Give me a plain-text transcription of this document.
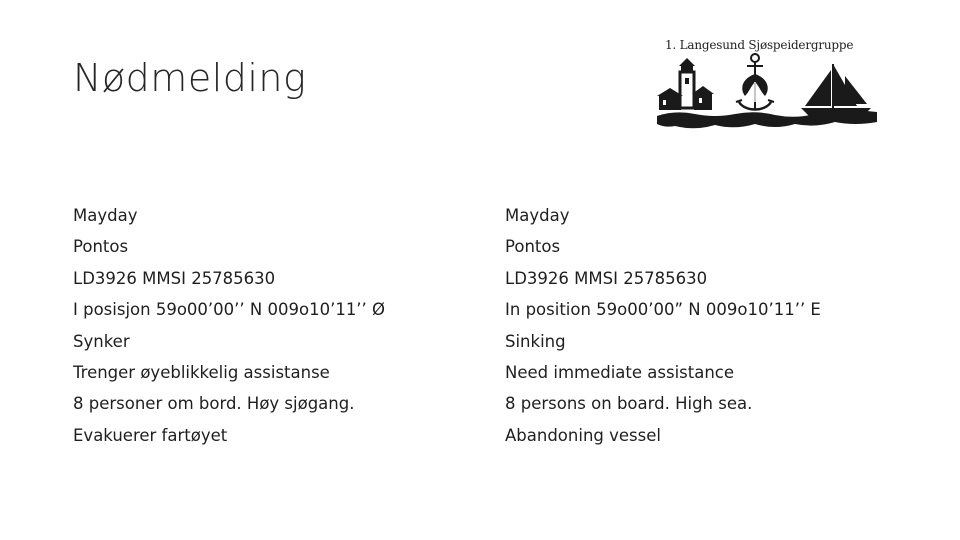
Nødmelding
1. Langesund Sjøspeidergruppe
Mayday
Pontos
LD3926 MMSI 25785630
I posisjon 59o00’00’’ N 009o10’11’’ Ø
Synker
Trenger øyeblikkelig assistanse
8 personer om bord. Høy sjøgang.
Evakuerer fartøyet
Mayday
Pontos
LD3926 MMSI 25785630
In position 59o00’00” N 009o10’11’’ E
Sinking
Need immediate assistance
8 persons on board. High sea.
Abandoning vessel
